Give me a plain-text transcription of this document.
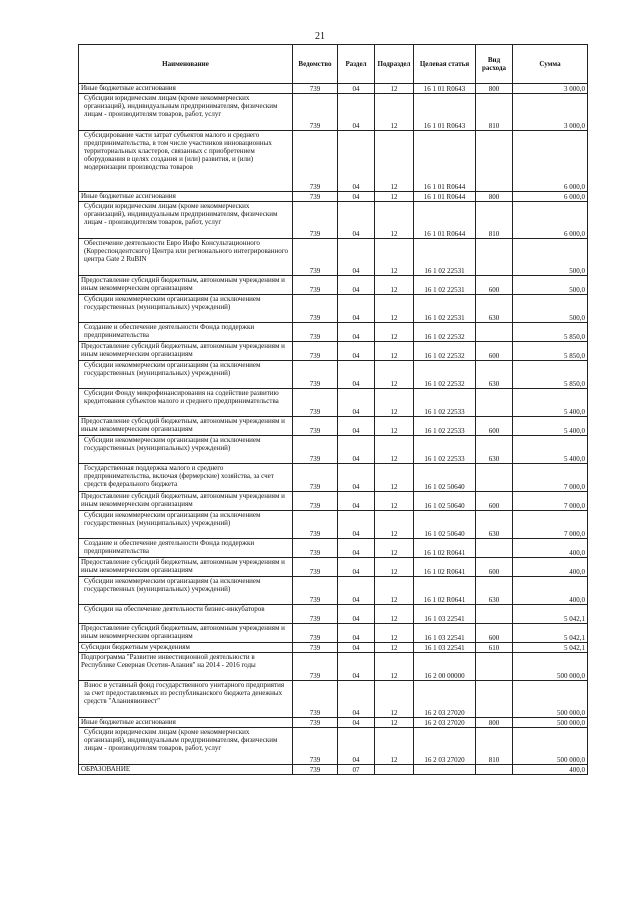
21
Наименование	Ведомство	Раздел	Подраздел	Целевая статья	Вид расхода	Сумма
Иные бюджетные ассигнования	739	04	12	16 1 01 R0643	800	3 000,0
Субсидии юридическим лицам (кроме некоммерческих организаций), индивидуальным предпринимателям, физическим лицам - производителям товаров, работ, услуг	739	04	12	16 1 01 R0643	810	3 000,0
Субсидирование части затрат субъектов малого и среднего предпринимательства, в том числе участников инновационных территориальных кластеров, связанных с приобретением оборудования в целях создания и (или) развития, и (или) модернизации производства товаров	739	04	12	16 1 01 R0644		6 000,0
Иные бюджетные ассигнования	739	04	12	16 1 01 R0644	800	6 000,0
Субсидии юридическим лицам (кроме некоммерческих организаций), индивидуальным предпринимателям, физическим лицам - производителям товаров, работ, услуг	739	04	12	16 1 01 R0644	810	6 000,0
Обеспечение деятельности Евро Инфо Консультационного (Корреспондентского) Центра или регионального интегрированного центра Gate 2 RuBIN	739	04	12	16 1 02 22531		500,0
Предоставление субсидий бюджетным, автономным учреждениям и иным некоммерческим организациям	739	04	12	16 1 02 22531	600	500,0
Субсидии некоммерческим организациям (за исключением государственных (муниципальных) учреждений)	739	04	12	16 1 02 22531	630	500,0
Создание и обеспечение деятельности Фонда поддержки предпринимательства	739	04	12	16 1 02 22532		5 850,0
Предоставление субсидий бюджетным, автономным учреждениям и иным некоммерческим организациям	739	04	12	16 1 02 22532	600	5 850,0
Субсидии некоммерческим организациям (за исключением государственных (муниципальных) учреждений)	739	04	12	16 1 02 22532	630	5 850,0
Субсидии Фонду микрофинансирования на содействие развитию кредитования субъектов малого и среднего предпринимательства	739	04	12	16 1 02 22533		5 400,0
Предоставление субсидий бюджетным, автономным учреждениям и иным некоммерческим организациям	739	04	12	16 1 02 22533	600	5 400,0
Субсидии некоммерческим организациям (за исключением государственных (муниципальных) учреждений)	739	04	12	16 1 02 22533	630	5 400,0
Государственная поддержка малого и среднего предпринимательства, включая (фермерские) хозяйства, за счет средств федерального бюджета	739	04	12	16 1 02 50640		7 000,0
Предоставление субсидий бюджетным, автономным учреждениям и иным некоммерческим организациям	739	04	12	16 1 02 50640	600	7 000,0
Субсидии некоммерческим организациям (за исключением государственных (муниципальных) учреждений)	739	04	12	16 1 02 50640	630	7 000,0
Создание и обеспечение деятельности Фонда поддержки предпринимательства	739	04	12	16 1 02 R0641		400,0
Предоставление субсидий бюджетным, автономным учреждениям и иным некоммерческим организациям	739	04	12	16 1 02 R0641	600	400,0
Субсидии некоммерческим организациям (за исключением государственных (муниципальных) учреждений)	739	04	12	16 1 02 R0641	630	400,0
Субсидии на обеспечение деятельности бизнес-инкубаторов	739	04	12	16 1 03 22541		5 042,1
Предоставление субсидий бюджетным, автономным учреждениям и иным некоммерческим организациям	739	04	12	16 1 03 22541	600	5 042,1
Субсидии бюджетным учреждениям	739	04	12	16 1 03 22541	610	5 042,1
Подпрограмма "Развитие инвестиционной деятельности в Республике Северная Осетия-Алания" на 2014 - 2016 годы	739	04	12	16 2 00 00000		500 000,0
Взнос в уставный фонд государственного унитарного предприятия за счет предоставляемых из республиканского бюджета денежных средств "Аланиявинвест"	739	04	12	16 2 03 27020		500 000,0
Иные бюджетные ассигнования	739	04	12	16 2 03 27020	800	500 000,0
Субсидии юридическим лицам (кроме некоммерческих организаций), индивидуальным предпринимателям, физическим лицам - производителям товаров, работ, услуг	739	04	12	16 2 03 27020	810	500 000,0
ОБРАЗОВАНИЕ	739	07				400,0
